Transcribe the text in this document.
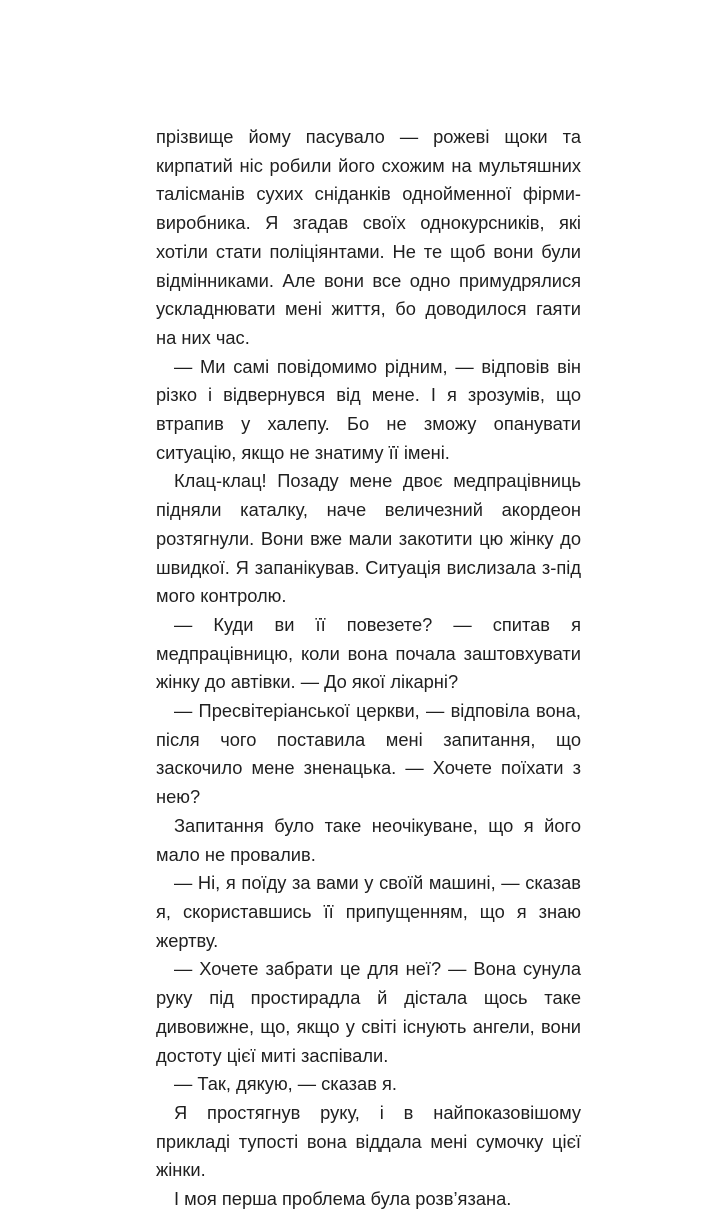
прізвище йому пасувало — рожеві щоки та кирпатий ніс робили його схожим на мультяшних талісманів сухих сніданків однойменної фірми-виробника. Я згадав своїх однокурсників, які хотіли стати поліціянтами. Не те щоб вони були відмінниками. Але вони все одно примудрялися ускладнювати мені життя, бо доводилося гаяти на них час.

— Ми самі повідомимо рідним, — відповів він різко і відвернувся від мене. І я зрозумів, що втрапив у халепу. Бо не зможу опанувати ситуацію, якщо не знатиму її імені.

Клац-клац! Позаду мене двоє медпрацівниць підняли каталку, наче величезний акордеон розтягнули. Вони вже мали закотити цю жінку до швидкої. Я запанікував. Ситуація вислизала з-під мого контролю.

— Куди ви її повезете? — спитав я медпрацівницю, коли вона почала заштовхувати жінку до автівки. — До якої лікарні?

— Пресвітеріанської церкви, — відповіла вона, після чого поставила мені запитання, що заскочило мене зненацька. — Хочете поїхати з нею?

Запитання було таке неочікуване, що я його мало не провалив.

— Ні, я поїду за вами у своїй машині, — сказав я, скориставшись її припущенням, що я знаю жертву.

— Хочете забрати це для неї? — Вона сунула руку під простирадла й дістала щось таке дивовижне, що, якщо у світі існують ангели, вони достоту цієї миті заспівали.

— Так, дякую, — сказав я.

Я простягнув руку, і в найпоказовішому прикладі тупості вона віддала мені сумочку цієї жінки.

І моя перша проблема була розв’язана.
